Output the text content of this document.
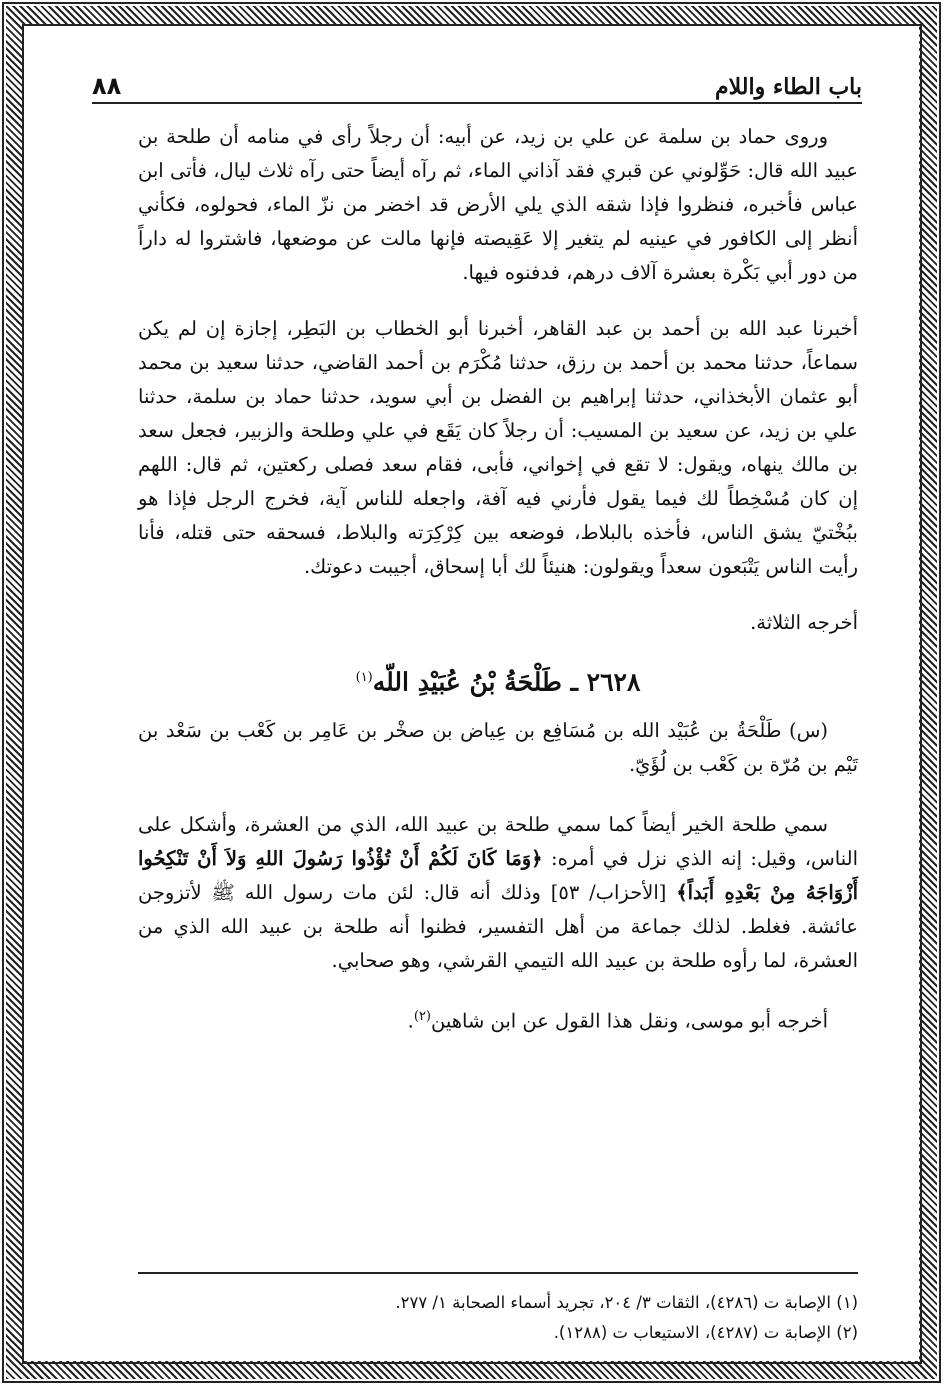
٨٨	باب الطاء واللام

وروى حماد بن سلمة عن علي بن زيد، عن أبيه: أن رجلاً رأى في منامه أن طلحة بن عبيد الله قال: حَوِّلوني عن قبري فقد آذاني الماء، ثم رآه أيضاً حتى رآه ثلاث ليال، فأتى ابن عباس فأخبره، فنظروا فإذا شقه الذي يلي الأرض قد اخضر من نزّ الماء، فحولوه، فكأني أنظر إلى الكافور في عينيه لم يتغير إلا عَقِيصته فإنها مالت عن موضعها، فاشتروا له داراً من دور أبي بَكْرة بعشرة آلاف درهم، فدفنوه فيها.

أخبرنا عبد الله بن أحمد بن عبد القاهر، أخبرنا أبو الخطاب بن البَطِر، إجازة إن لم يكن سماعاً، حدثنا محمد بن أحمد بن رزق، حدثنا مُكْرَم بن أحمد القاضي، حدثنا سعيد بن محمد أبو عثمان الأبخذاني، حدثنا إبراهيم بن الفضل بن أبي سويد، حدثنا حماد بن سلمة، حدثنا علي بن زيد، عن سعيد بن المسيب: أن رجلاً كان يَقَع في علي وطلحة والزبير، فجعل سعد بن مالك ينهاه، ويقول: لا تقع في إخواني، فأبى، فقام سعد فصلى ركعتين، ثم قال: اللهم إن كان مُسْخِطاً لك فيما يقول فأرني فيه آفة، واجعله للناس آية، فخرج الرجل فإذا هو ببُخْتيّ يشق الناس، فأخذه بالبلاط، فوضعه بين كِرْكِرَته والبلاط، فسحقه حتى قتله، فأنا رأيت الناس يَتْبَعون سعداً ويقولون: هنيئاً لك أبا إسحاق، أجيبت دعوتك.

أخرجه الثلاثة.

٢٦٢٨ ـ طَلْحَةُ بْنُ عُبَيْدِ اللّه$^{(١)}$

(س) طَلْحَةُ بن عُبَيْد الله بن مُسَافِع بن عِياض بن صخْر بن عَامِر بن كَعْب بن سَعْد بن تَيْم بن مُرّة بن كَعْب بن لُؤَيّ.

سمي طلحة الخير أيضاً كما سمي طلحة بن عبيد الله، الذي من العشرة، وأشكل على الناس، وقيل: إنه الذي نزل في أمره: ﴿وَمَا كَانَ لَكُمْ أَنْ تُؤْذُوا رَسُولَ اللهِ وَلاَ أَنْ تَنْكِحُوا أَزْوَاجَهُ مِنْ بَعْدِهِ أَبَداً﴾ [الأحزاب/ ٥٣] وذلك أنه قال: لئن مات رسول الله ﷺ لأتزوجن عائشة. فغلط. لذلك جماعة من أهل التفسير، فظنوا أنه طلحة بن عبيد الله الذي من العشرة، لما رأوه طلحة بن عبيد الله التيمي القرشي، وهو صحابي.

أخرجه أبو موسى، ونقل هذا القول عن ابن شاهين$^{(٢)}$.

(١) الإصابة ت (٤٢٨٦)، الثقات ٣/ ٢٠٤، تجريد أسماء الصحابة ١/ ٢٧٧.

(٢) الإصابة ت (٤٢٨٧)، الاستيعاب ت (١٢٨٨).
